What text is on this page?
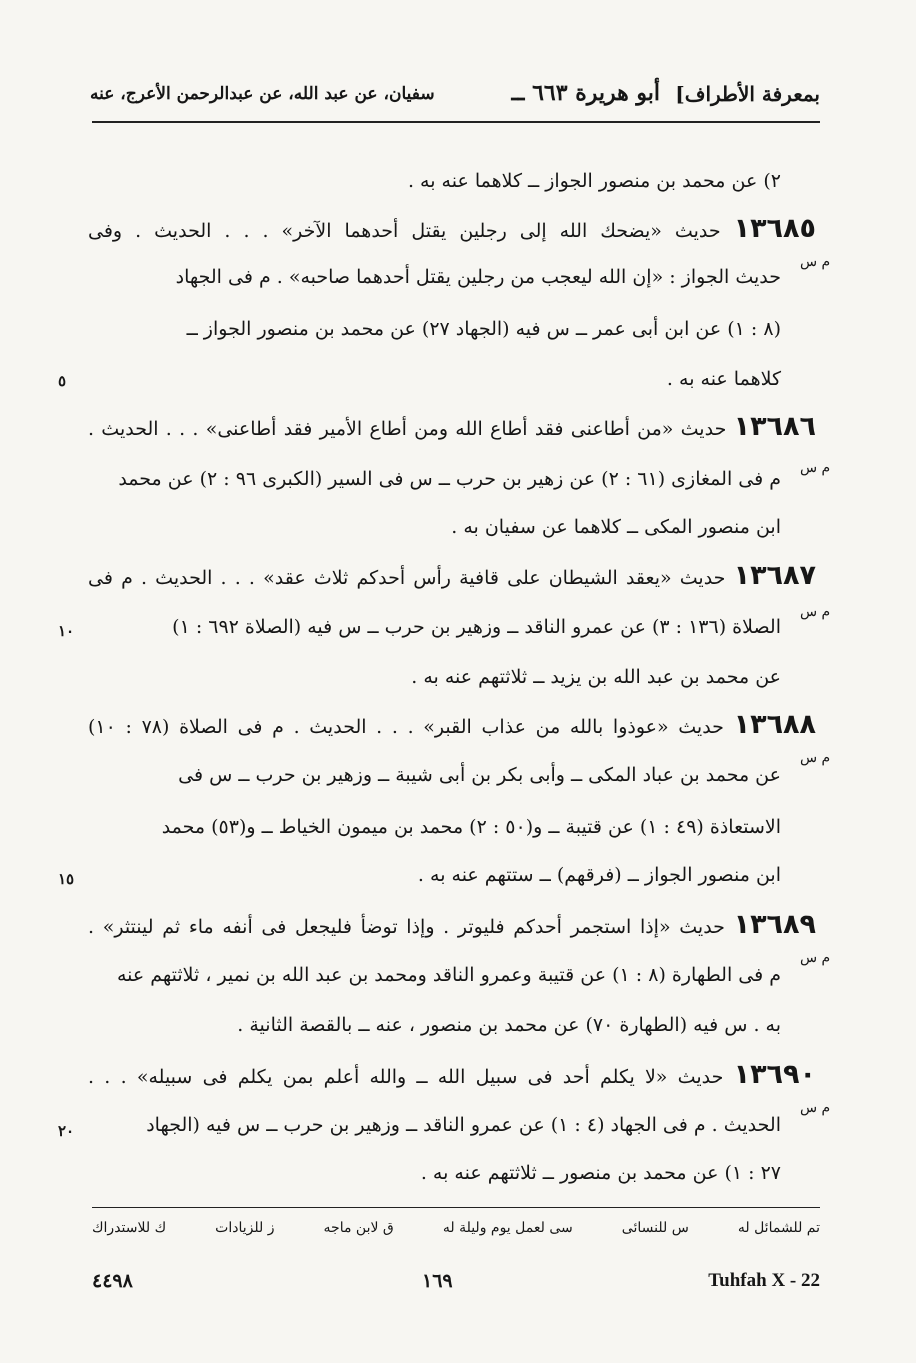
بمعرفة الأطراف]
أبو هريرة ٦٦٣ ــ
سفيان، عن عبد الله، عن عبدالرحمن الأعرج، عنه
٢) عن محمد بن منصور الجواز ــ كلاهما عنه به .
١٣٦٨٥ حديث «يضحك الله إلى رجلين يقتل أحدهما الآخر» . . . الحديث . وفى
حديث الجواز : «إن الله ليعجب من رجلين يقتل أحدهما صاحبه» . م فى الجهاد
(٨ : ١) عن ابن أبى عمر ــ س فيه (الجهاد ٢٧) عن محمد بن منصور الجواز ــ
كلاهما عنه به .
١٣٦٨٦ حديث «من أطاعنى فقد أطاع الله ومن أطاع الأمير فقد أطاعنى» . . . الحديث .
م فى المغازى (٦١ : ٢) عن زهير بن حرب ــ س فى السير (الكبرى ٩٦ : ٢) عن محمد
ابن منصور المكى ــ كلاهما عن سفيان به .
١٣٦٨٧ حديث «يعقد الشيطان على قافية رأس أحدكم ثلاث عقد» . . . الحديث . م فى
الصلاة (١٣٦ : ٣) عن عمرو الناقد ــ وزهير بن حرب ــ س فيه (الصلاة ٦٩٢ : ١)
عن محمد بن عبد الله بن يزيد ــ ثلاثتهم عنه به .
١٣٦٨٨ حديث «عوذوا بالله من عذاب القبر» . . . الحديث . م فى الصلاة (٧٨ : ١٠)
عن محمد بن عباد المكى ــ وأبى بكر بن أبى شيبة ــ وزهير بن حرب ــ س فى
الاستعاذة (٤٩ : ١) عن قتيبة ــ و(٥٠ : ٢) محمد بن ميمون الخياط ــ و(٥٣) محمد
ابن منصور الجواز ــ (فرقهم) ــ ستتهم عنه به .
١٣٦٨٩ حديث «إذا استجمر أحدكم فليوتر . وإذا توضأ فليجعل فى أنفه ماء ثم لينتثر» .
م فى الطهارة (٨ : ١) عن قتيبة وعمرو الناقد ومحمد بن عبد الله بن نمير ، ثلاثتهم عنه
به . س فيه (الطهارة ٧٠) عن محمد بن منصور ، عنه ــ بالقصة الثانية .
١٣٦٩٠ حديث «لا يكلم أحد فى سبيل الله ــ والله أعلم بمن يكلم فى سبيله» . . .
الحديث . م فى الجهاد (٤ : ١) عن عمرو الناقد ــ وزهير بن حرب ــ س فيه (الجهاد
٢٧ : ١) عن محمد بن منصور ــ ثلاثتهم عنه به .
م س
م س
م س
م س
م س
م س
٥
١٠
١٥
٢٠
تم للشمائل له
س للنسائى
سى لعمل يوم وليلة له
ق لابن ماجه
ز للزيادات
ك للاستدراك
٤٤٩٨	١٦٩	Tuhfah X - 22
